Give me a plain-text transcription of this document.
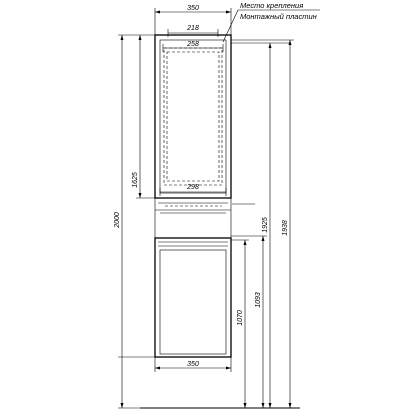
350
218
258
298
350
1625
2000
1070
1093
1925 1938
Место крепления
Монтажный пластин
